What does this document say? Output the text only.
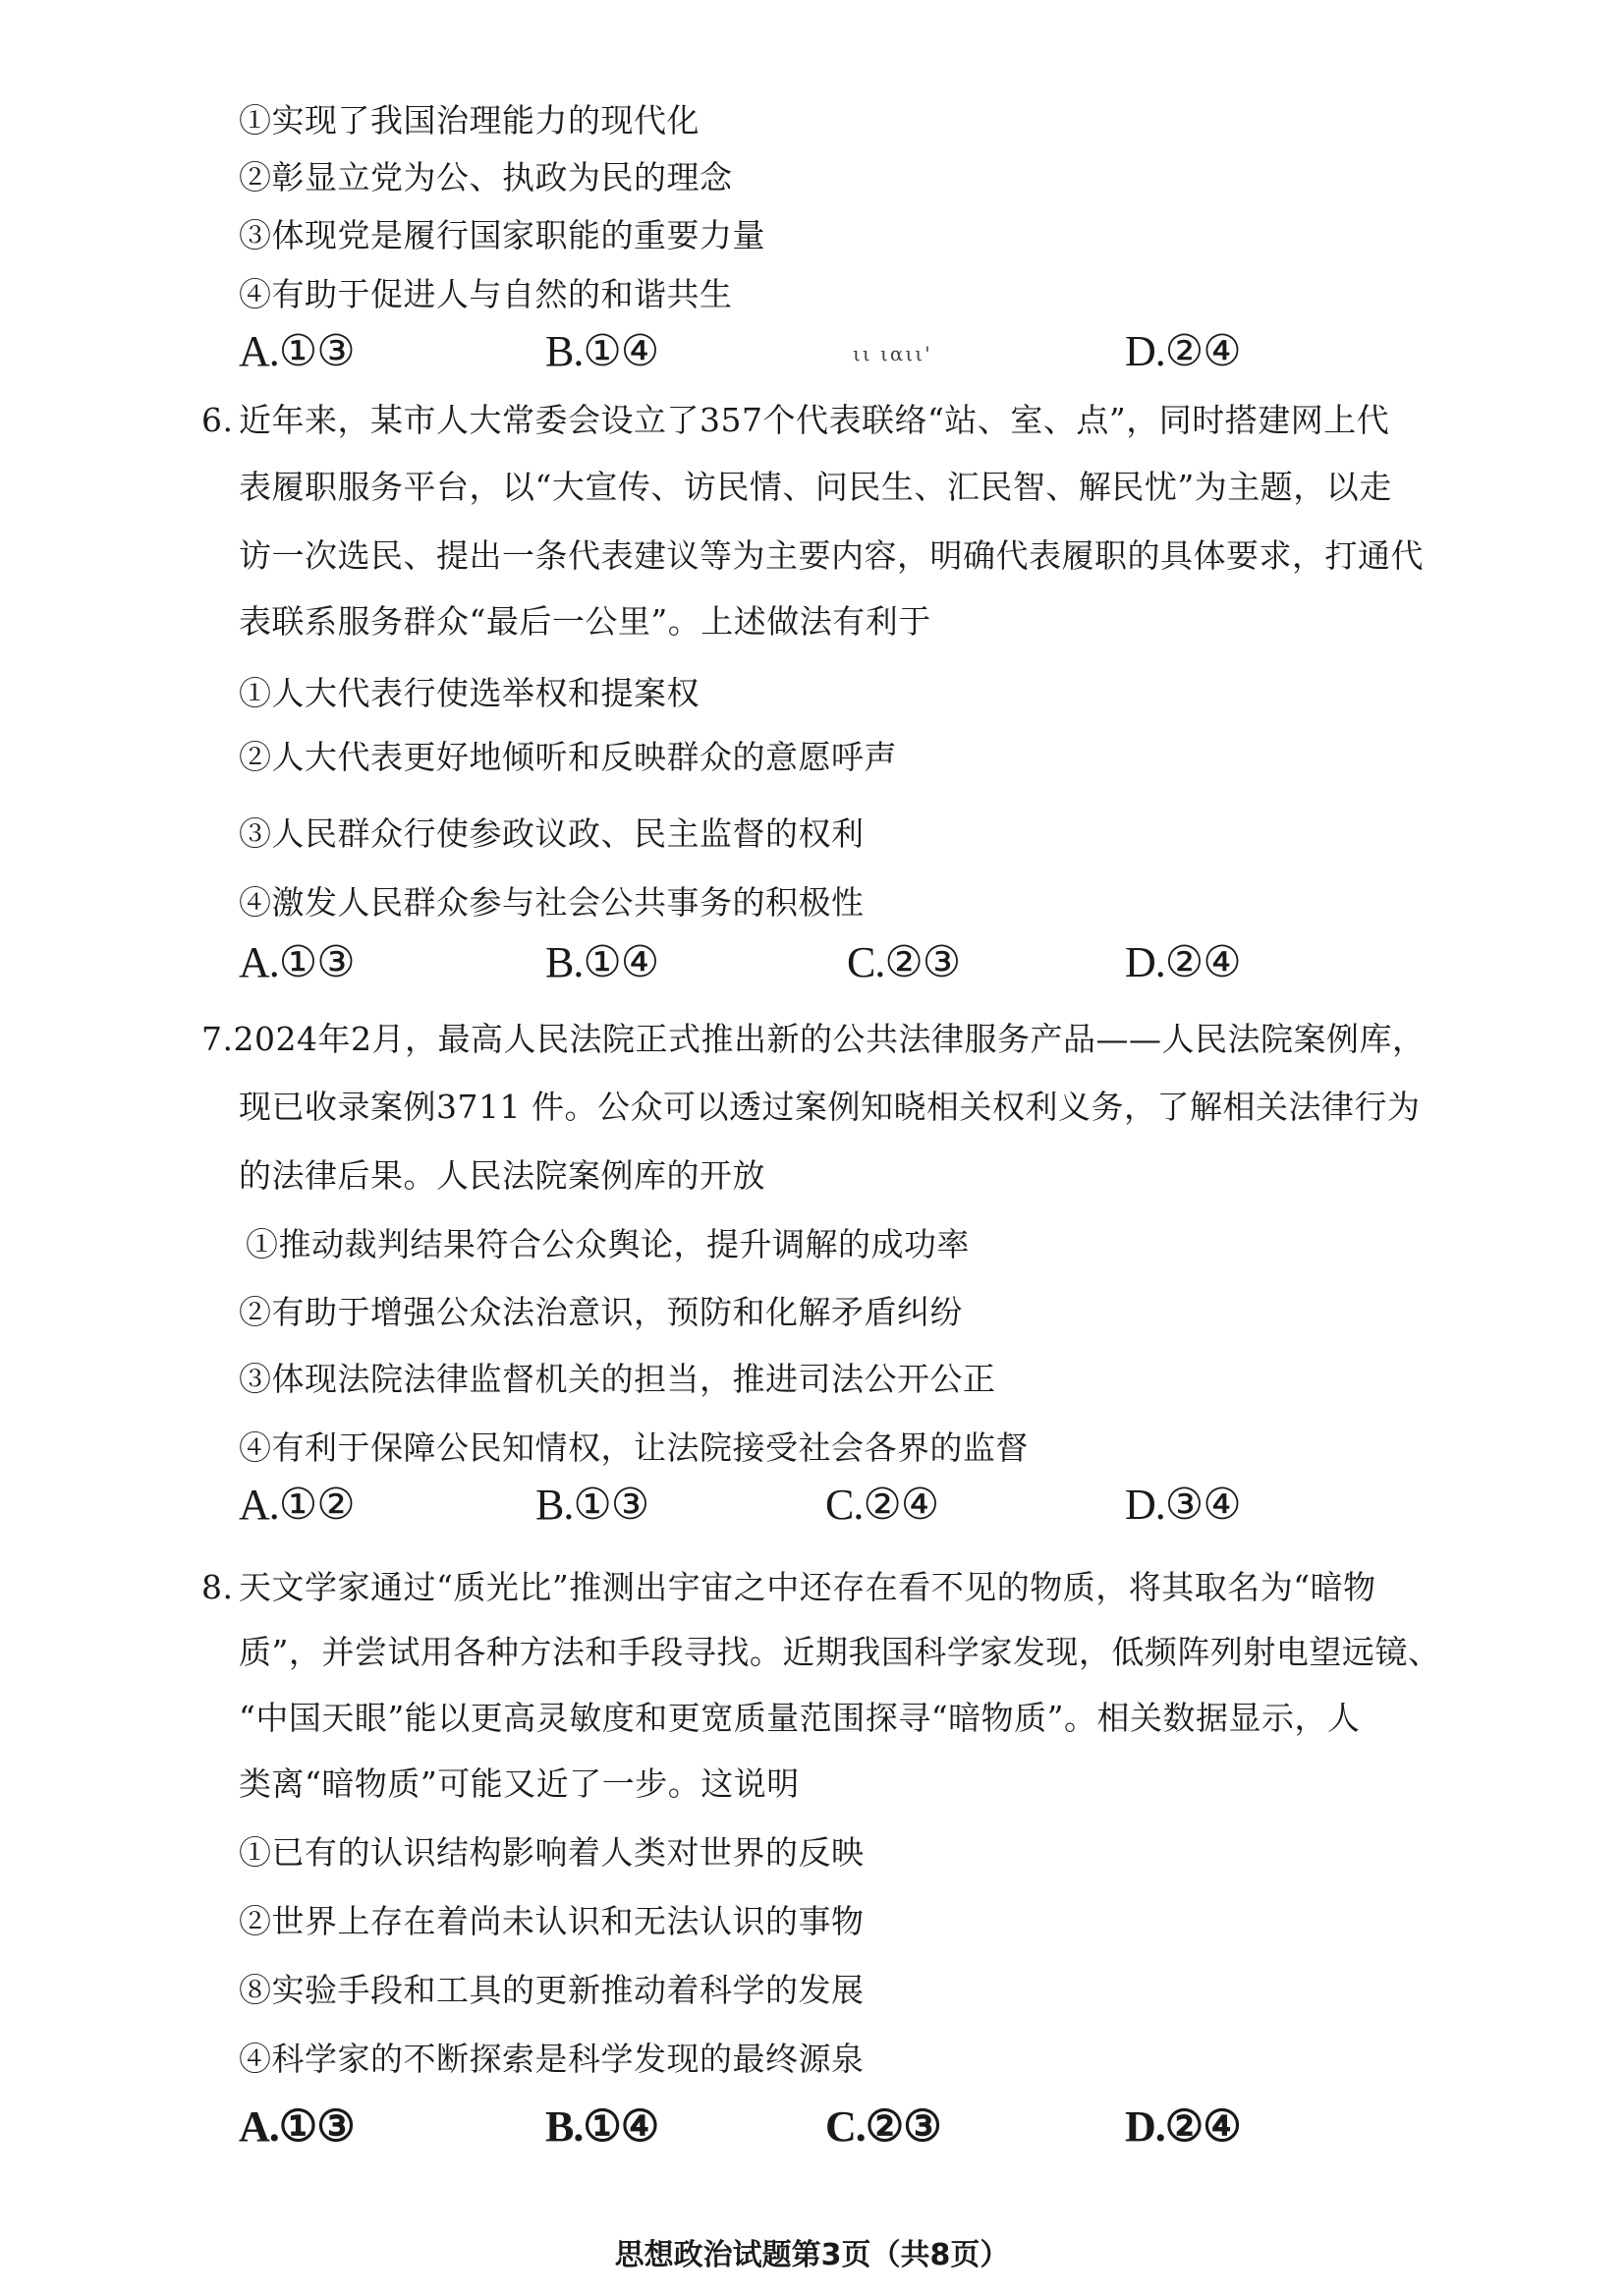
①实现了我国治理能力的现代化
②彰显立党为公、执政为民的理念
③体现党是履行国家职能的重要力量
④有助于促进人与自然的和谐共生
A.①③	B.①④	ιι ιαιι'	D.②④
6. 近年来，某市人大常委会设立了357个代表联络“站、室、点”，同时搭建网上代
表履职服务平台，以“大宣传、访民情、问民生、汇民智、解民忧”为主题，以走
访一次选民、提出一条代表建议等为主要内容，明确代表履职的具体要求，打通代
表联系服务群众“最后一公里”。上述做法有利于
①人大代表行使选举权和提案权
②人大代表更好地倾听和反映群众的意愿呼声
③人民群众行使参政议政、民主监督的权利
④激发人民群众参与社会公共事务的积极性
A.①③	B.①④	C.②③	D.②④
7.2024年2月，最高人民法院正式推出新的公共法律服务产品——人民法院案例库，
现已收录案例3711 件。公众可以透过案例知晓相关权利义务，了解相关法律行为
的法律后果。人民法院案例库的开放
①推动裁判结果符合公众舆论，提升调解的成功率
②有助于增强公众法治意识，预防和化解矛盾纠纷
③体现法院法律监督机关的担当，推进司法公开公正
④有利于保障公民知情权，让法院接受社会各界的监督
A.①②	B.①③	C.②④	D.③④
8. 天文学家通过“质光比”推测出宇宙之中还存在看不见的物质，将其取名为“暗物
质”，并尝试用各种方法和手段寻找。近期我国科学家发现，低频阵列射电望远镜、
“中国天眼”能以更高灵敏度和更宽质量范围探寻“暗物质”。相关数据显示，人
类离“暗物质”可能又近了一步。这说明
①已有的认识结构影响着人类对世界的反映
②世界上存在着尚未认识和无法认识的事物
⑧实验手段和工具的更新推动着科学的发展
④科学家的不断探索是科学发现的最终源泉
A.①③	B.①④	C.②③	D.②④
思想政治试题第3页（共8页）
